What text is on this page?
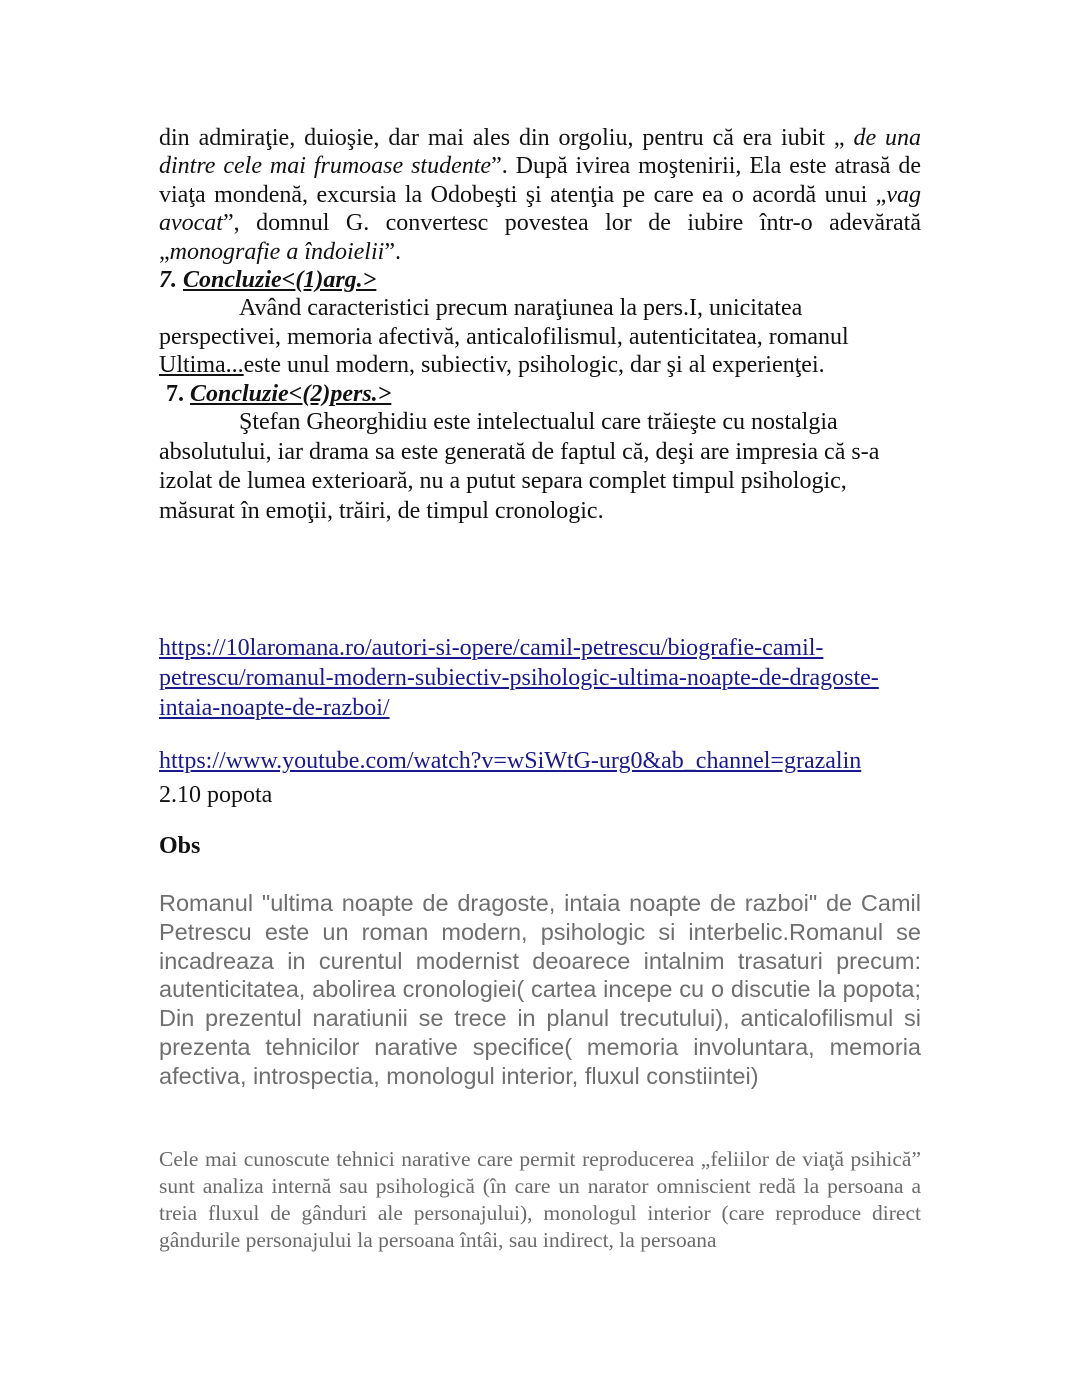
din admiraţie, duioşie, dar mai ales din orgoliu, pentru că era iubit „ de una dintre cele mai frumoase studente”. După ivirea moştenirii, Ela este atrasă de viaţa mondenă, excursia la Odobeşti şi atenţia pe care ea o acordă unui „vag avocat”, domnul G. convertesc povestea lor de iubire într-o adevărată „monografie a îndoielii”.

7. Concluzie<(1)arg.>

Având caracteristici precum naraţiunea la pers.I, unicitatea perspectivei, memoria afectivă, anticalofilismul, autenticitatea, romanul Ultima...este unul modern, subiectiv, psihologic, dar şi al experienţei.

7. Concluzie<(2)pers.>

Ştefan Gheorghidiu este intelectualul care trăieşte cu nostalgia absolutului, iar drama sa este generată de faptul că, deşi are impresia că s-a izolat de lumea exterioară, nu a putut separa complet timpul psihologic, măsurat în emoţii, trăiri, de timpul cronologic.

https://10laromana.ro/autori-si-opere/camil-petrescu/biografie-camil-
petrescu/romanul-modern-subiectiv-psihologic-ultima-noapte-de-dragoste-
intaia-noapte-de-razboi/

https://www.youtube.com/watch?v=wSiWtG-urg0&ab_channel=grazalin

2.10 popota

Obs

Romanul "ultima noapte de dragoste, intaia noapte de razboi" de Camil Petrescu este un roman modern, psihologic si interbelic.Romanul se incadreaza in curentul modernist deoarece intalnim trasaturi precum: autenticitatea, abolirea cronologiei( cartea incepe cu o discutie la popota; Din prezentul naratiunii se trece in planul trecutului), anticalofilismul si prezenta tehnicilor narative specifice( memoria involuntara, memoria afectiva, introspectia, monologul interior, fluxul constiintei)

Cele mai cunoscute tehnici narative care permit reproducerea „feliilor de viaţă psihică” sunt analiza internă sau psihologică (în care un narator omniscient redă la persoana a treia fluxul de gânduri ale personajului), monologul interior (care reproduce direct gândurile personajului la persoana întâi, sau indirect, la persoana
